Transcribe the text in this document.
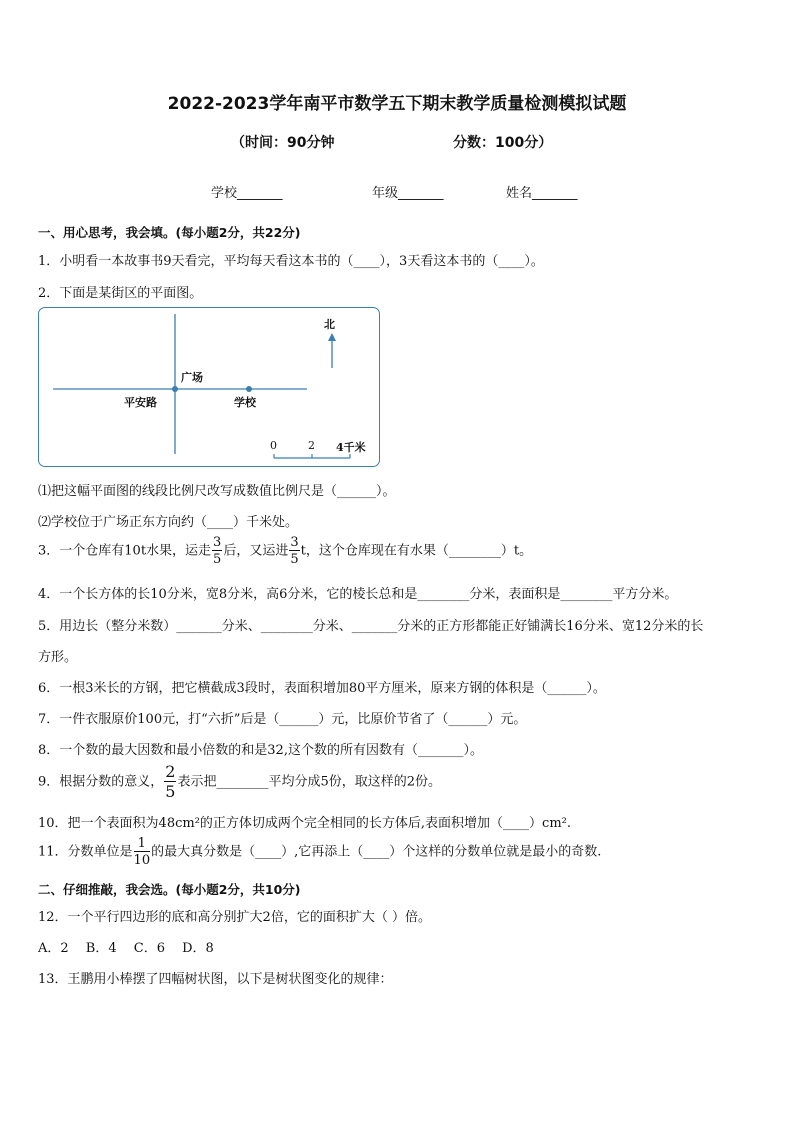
2022-2023学年南平市数学五下期末教学质量检测模拟试题
（时间：90分钟	分数：100分）
学校_______	年级_______	姓名_______
一、用心思考，我会填。(每小题2分，共22分)
1．小明看一本故事书9天看完，平均每天看这本书的（____），3天看这本书的（____）。
2．下面是某街区的平面图。
北
广场
平安路	学校
0	2 4千米
⑴把这幅平面图的线段比例尺改写成数值比例尺是（______）。
⑵学校位于广场正东方向约（____）千米处。
3．一个仓库有10t水果，运走 $\frac{3}{5}$ 后，又运进 $\frac{3}{5}$ t，这个仓库现在有水果（________）t。
4．一个长方体的长10分米，宽8分米，高6分米，它的棱长总和是________分米，表面积是________平方分米。
5．用边长（整分米数）_______分米、________分米、_______分米的正方形都能正好铺满长16分米、宽12分米的长
方形。
6．一根3米长的方钢，把它横截成3段时，表面积增加80平方厘米，原来方钢的体积是（______）。
7．一件衣服原价100元，打“六折”后是（______）元，比原价节省了（______）元。
8．一个数的最大因数和最小倍数的和是32,这个数的所有因数有（_______）。
9．根据分数的意义， $\frac{2}{5}$ 表示把________平均分成5份，取这样的2份。
10．把一个表面积为48cm²的正方体切成两个完全相同的长方体后,表面积增加（____）cm².
11．分数单位是 $\frac{1}{10}$ 的最大真分数是（____）,它再添上（____）个这样的分数单位就是最小的奇数.
二、仔细推敲，我会选。(每小题2分，共10分)
12．一个平行四边形的底和高分别扩大2倍，它的面积扩大（ ）倍。
A．2　 B．4　 C．6　 D．8
13．王鹏用小棒摆了四幅树状图，以下是树状图变化的规律：
